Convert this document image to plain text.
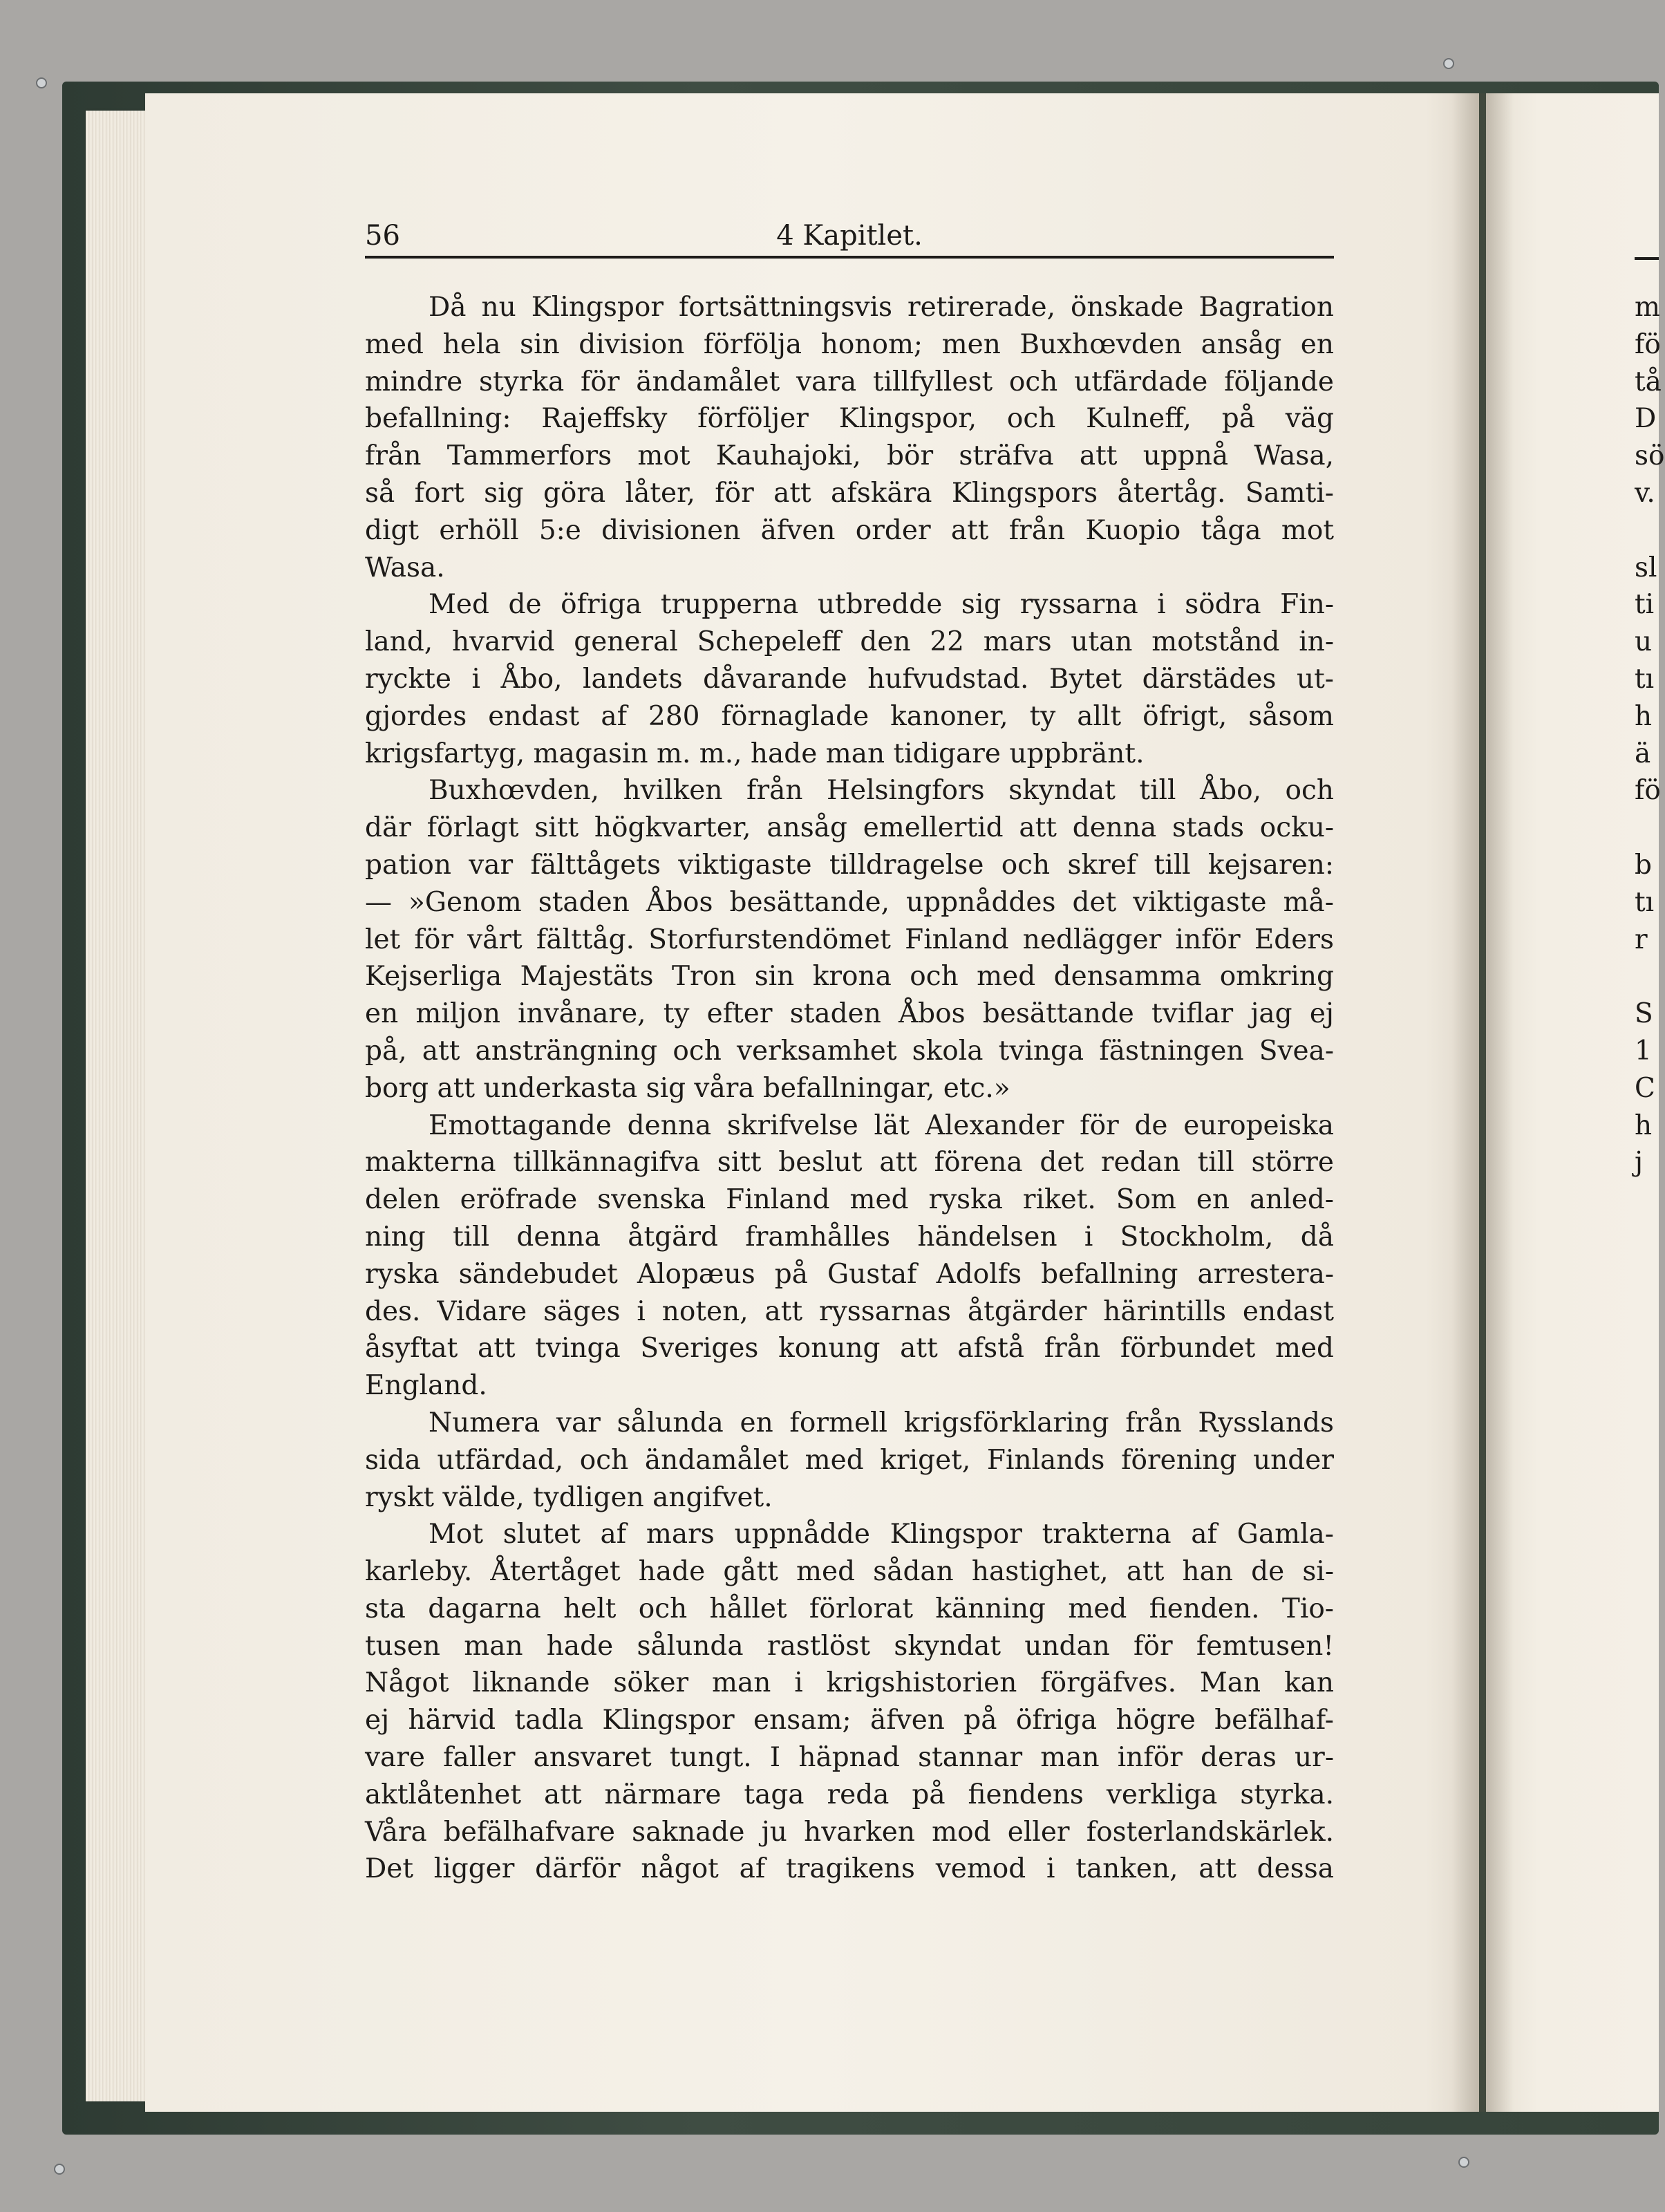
56	4 Kapitlet.
Då nu Klingspor fortsättningsvis retirerade, önskade Bagration
med hela sin division förfölja honom; men Buxhœvden ansåg en
mindre styrka för ändamålet vara tillfyllest och utfärdade följande
befallning: Rajeffsky förföljer Klingspor, och Kulneff, på väg
från Tammerfors mot Kauhajoki, bör sträfva att uppnå Wasa,
så fort sig göra låter, för att afskära Klingspors återtåg. Samti-
digt erhöll 5:e divisionen äfven order att från Kuopio tåga mot
Wasa.
Med de öfriga trupperna utbredde sig ryssarna i södra Fin-
land, hvarvid general Schepeleff den 22 mars utan motstånd in-
ryckte i Åbo, landets dåvarande hufvudstad. Bytet därstädes ut-
gjordes endast af 280 förnaglade kanoner, ty allt öfrigt, såsom
krigsfartyg, magasin m. m., hade man tidigare uppbränt.
Buxhœvden, hvilken från Helsingfors skyndat till Åbo, och
där förlagt sitt högkvarter, ansåg emellertid att denna stads ocku-
pation var fälttågets viktigaste tilldragelse och skref till kejsaren:
— »Genom staden Åbos besättande, uppnåddes det viktigaste må-
let för vårt fälttåg. Storfurstendömet Finland nedlägger inför Eders
Kejserliga Majestäts Tron sin krona och med densamma omkring
en miljon invånare, ty efter staden Åbos besättande tviflar jag ej
på, att ansträngning och verksamhet skola tvinga fästningen Svea-
borg att underkasta sig våra befallningar, etc.»
Emottagande denna skrifvelse lät Alexander för de europeiska
makterna tillkännagifva sitt beslut att förena det redan till större
delen eröfrade svenska Finland med ryska riket. Som en anled-
ning till denna åtgärd framhålles händelsen i Stockholm, då
ryska sändebudet Alopæus på Gustaf Adolfs befallning arrestera-
des. Vidare säges i noten, att ryssarnas åtgärder härintills endast
åsyftat att tvinga Sveriges konung att afstå från förbundet med
England.
Numera var sålunda en formell krigsförklaring från Rysslands
sida utfärdad, och ändamålet med kriget, Finlands förening under
ryskt välde, tydligen angifvet.
Mot slutet af mars uppnådde Klingspor trakterna af Gamla-
karleby. Återtåget hade gått med sådan hastighet, att han de si-
sta dagarna helt och hållet förlorat känning med fienden. Tio-
tusen man hade sålunda rastlöst skyndat undan för femtusen!
Något liknande söker man i krigshistorien förgäfves. Man kan
ej härvid tadla Klingspor ensam; äfven på öfriga högre befälhaf-
vare faller ansvaret tungt. I häpnad stannar man inför deras ur-
aktlåtenhet att närmare taga reda på fiendens verkliga styrka.
Våra befälhafvare saknade ju hvarken mod eller fosterlandskärlek.
Det ligger därför något af tragikens vemod i tanken, att dessa
m
fö
tå
D
sö
v.
sl
ti
u
tı
h
ä
fö
b
tı
r
S
1
C
h
j
